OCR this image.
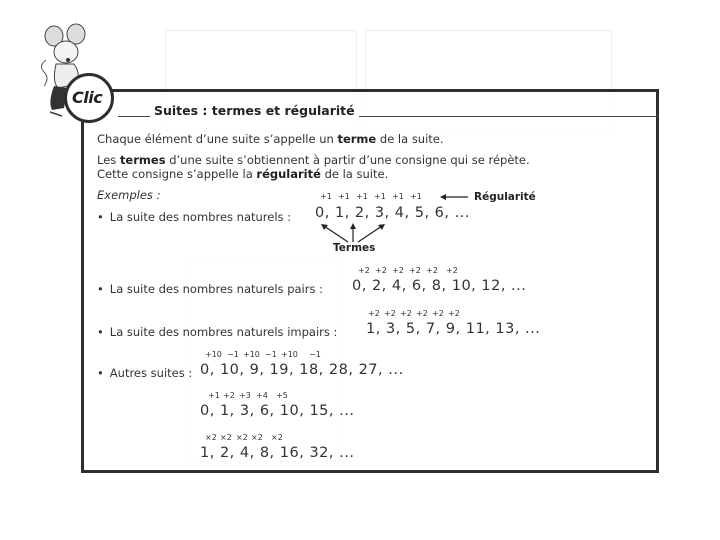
Suites : termes et régularité
Clic
Chaque élément d’une suite s’appelle un terme de la suite.
Les termes d’une suite s’obtiennent à partir d’une consigne qui se répète.
Cette consigne s’appelle la régularité de la suite.
Exemples :
• La suite des nombres naturels :
+1 +1 +1 +1 +1 +1
0, 1, 2, 3, 4, 5, 6, ...
Régularité
Termes
+2 +2 +2 +2 +2 +2
• La suite des nombres naturels pairs : 0, 2, 4, 6, 8, 10, 12, ...
+2 +2 +2 +2 +2 +2
• La suite des nombres naturels impairs : 1, 3, 5, 7, 9, 11, 13, ...
+10 −1 +10 −1 +10 −1
• Autres suites : 0, 10, 9, 19, 18, 28, 27, ...
+1 +2 +3 +4 +5
0, 1, 3, 6, 10, 15, ...
×2 ×2 ×2 ×2 ×2
1, 2, 4, 8, 16, 32, ...
